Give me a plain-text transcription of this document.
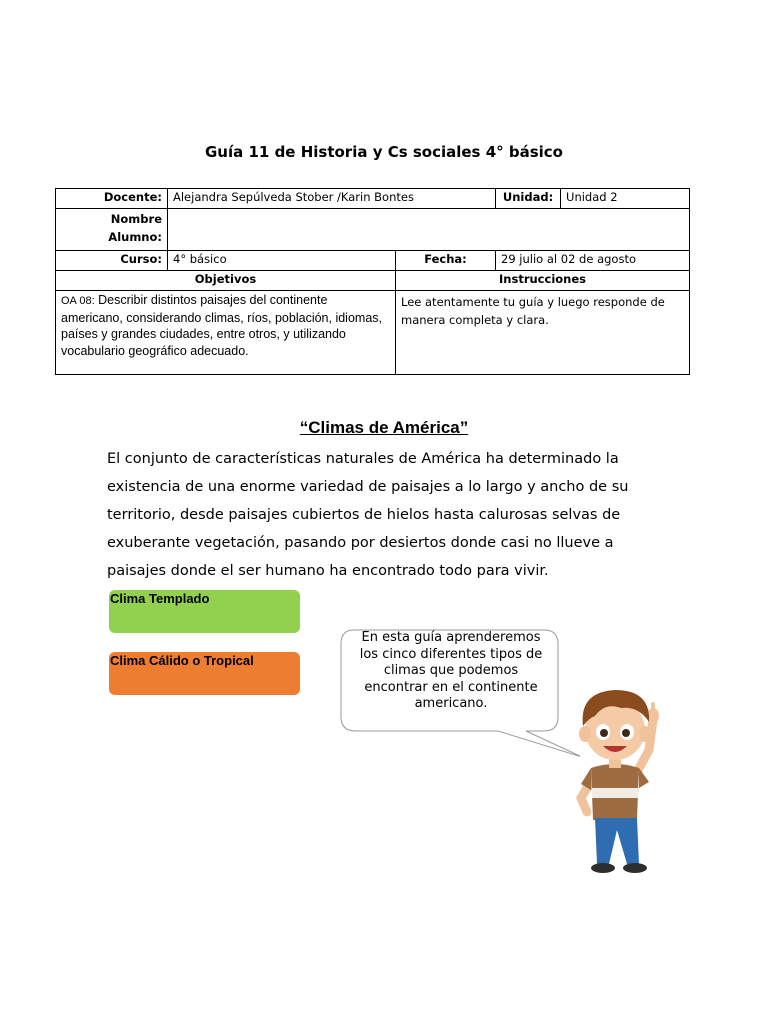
Guía 11 de Historia y Cs sociales 4° básico
Docente:	Alejandra Sepúlveda Stober /Karin Bontes		Unidad:	Unidad 2
Nombre
Alumno:				
Curso:	4° básico	Fecha:	29 julio al 02 de agosto	
Objetivos		Instrucciones		
OA 08: Describir distintos paisajes del continente americano, considerando climas, ríos, población, idiomas, países y grandes ciudades, entre otros, y utilizando vocabulario geográfico adecuado.		Lee atentamente tu guía y luego responde de manera completa y clara.		
“Climas de América”
El conjunto de características naturales de América ha determinado la existencia de una enorme variedad de paisajes a lo largo y ancho de su territorio, desde paisajes cubiertos de hielos hasta calurosas selvas de exuberante vegetación, pasando por desiertos donde casi no llueve a paisajes donde el ser humano ha encontrado todo para vivir.
Clima Templado
Clima Cálido o Tropical
En esta guía aprenderemos los cinco diferentes tipos de climas que podemos encontrar en el continente americano.
